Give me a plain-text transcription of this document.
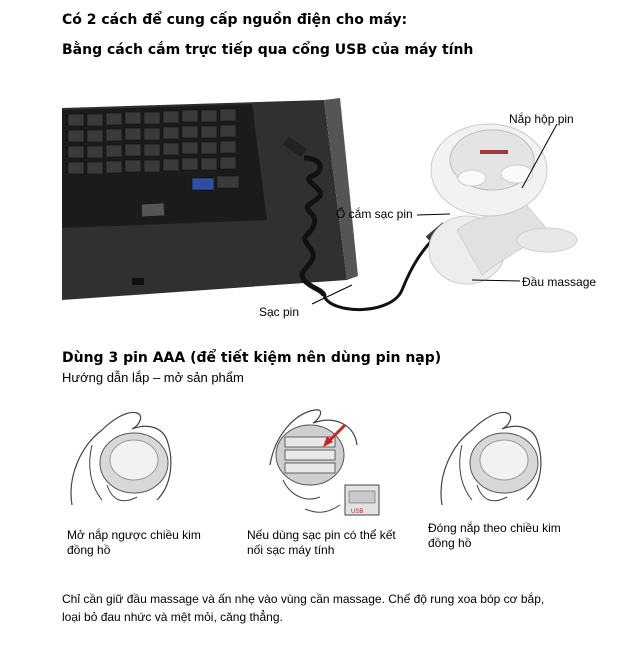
Có 2 cách để cung cấp nguồn điện cho máy:
Bằng cách cắm trực tiếp qua cổng USB của máy tính
Nắp hộp pin
Ổ cắm sạc pin
Đầu massage
Sạc pin
Dùng 3 pin AAA (để tiết kiệm nên dùng pin nạp)
Hướng dẫn lắp – mở sản phẩm
USB
Mở nắp ngược chiều kim
đồng hồ
Nếu dùng sạc pin có thể kết
nối sạc máy tính
Đóng nắp theo chiều kim
đồng hồ
Chỉ cần giữ đầu massage và ấn nhẹ vào vùng cần massage. Chế độ rung xoa bóp cơ bắp,
loại bỏ đau nhức và mệt mỏi, căng thẳng.
